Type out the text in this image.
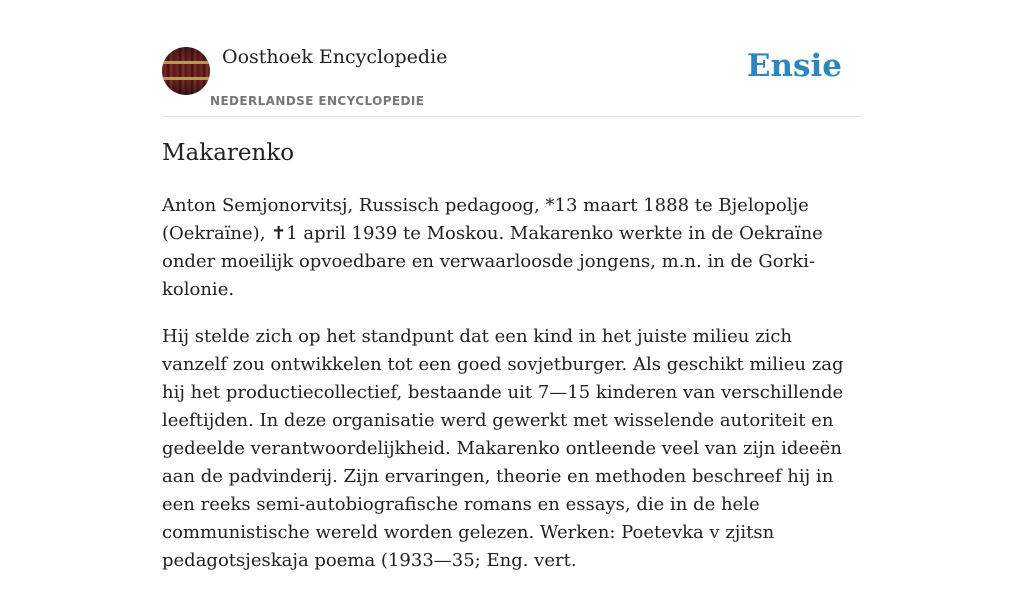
Oosthoek Encyclopedie
NEDERLANDSE ENCYCLOPEDIE
Ensie
Makarenko

Anton Semjonorvitsj, Russisch pedagoog, *13 maart 1888 te Bjelopolje (Oekraïne), ✝1 april 1939 te Moskou. Makarenko werkte in de Oekraïne onder moeilijk opvoedbare en verwaarloosde jongens, m.n. in de Gorki-kolonie.

Hij stelde zich op het standpunt dat een kind in het juiste milieu zich vanzelf zou ontwikkelen tot een goed sovjetburger. Als geschikt milieu zag hij het productiecollectief, bestaande uit 7—15 kinderen van verschillende leeftijden. In deze organisatie werd gewerkt met wisselende autoriteit en gedeelde verantwoordelijkheid. Makarenko ontleende veel van zijn ideeën aan de padvinderij. Zijn ervaringen, theorie en methoden beschreef hij in een reeks semi-autobiografische romans en essays, die in de hele communistische wereld worden gelezen. Werken: Poetevka v zjitsn pedagotsjeskaja poema (1933—35; Eng. vert.
